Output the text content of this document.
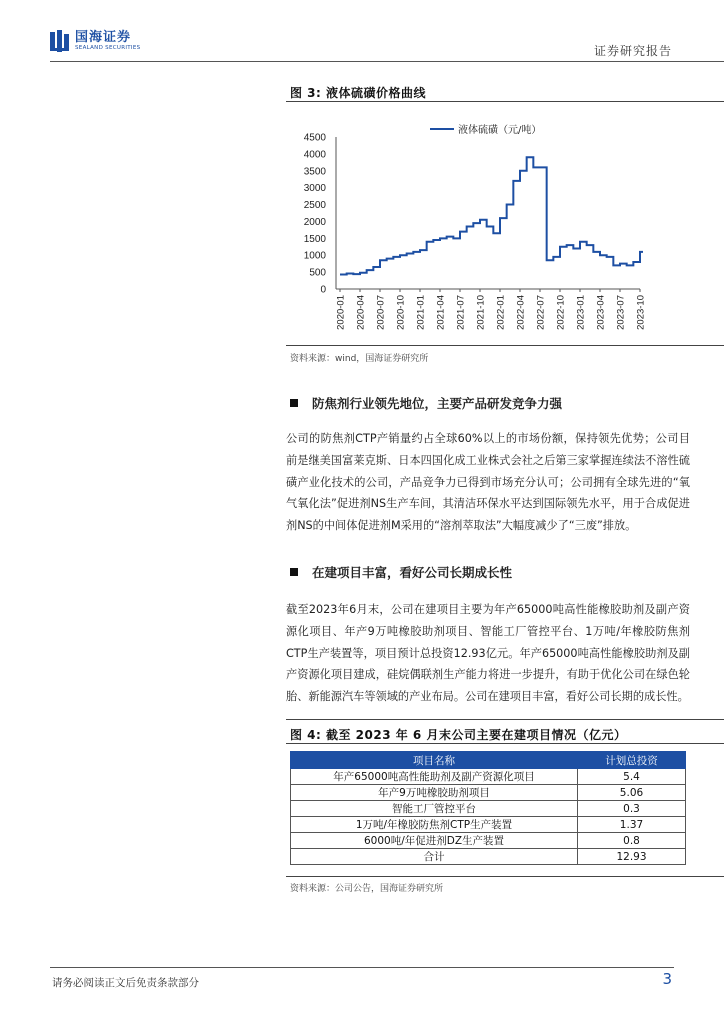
国海证券
SEALAND SECURITIES	证券研究报告
图 3: 液体硫磺价格曲线
0
500
1000
1500
2000
2500
3000
3500
4000
4500
2020-01 2020-04 2020-07 2020-10 2021-01 2021-04 2021-07 2021-10 2022-01 2022-04 2022-07 2022-10 2023-01 2023-04 2023-07 2023-10
液体硫磺（元/吨）
资料来源：wind，国海证券研究所
防焦剂行业领先地位，主要产品研发竞争力强
公司的防焦剂CTP产销量约占全球60%以上的市场份额，保持领先优势；公司目前是继美国富莱克斯、日本四国化成工业株式会社之后第三家掌握连续法不溶性硫磺产业化技术的公司，产品竞争力已得到市场充分认可；公司拥有全球先进的“氧气氧化法”促进剂NS生产车间，其清洁环保水平达到国际领先水平，用于合成促进剂NS的中间体促进剂M采用的“溶剂萃取法”大幅度减少了“三废”排放。
在建项目丰富，看好公司长期成长性
截至2023年6月末，公司在建项目主要为年产65000吨高性能橡胶助剂及副产资源化项目、年产9万吨橡胶助剂项目、智能工厂管控平台、1万吨/年橡胶防焦剂CTP生产装置等，项目预计总投资12.93亿元。年产65000吨高性能橡胶助剂及副产资源化项目建成，硅烷偶联剂生产能力将进一步提升，有助于优化公司在绿色轮胎、新能源汽车等领域的产业布局。公司在建项目丰富，看好公司长期的成长性。
图 4: 截至 2023 年 6 月末公司主要在建项目情况（亿元）
项目名称	计划总投资
年产65000吨高性能助剂及副产资源化项目	5.4
年产9万吨橡胶助剂项目	5.06
智能工厂管控平台	0.3
1万吨/年橡胶防焦剂CTP生产装置	1.37
6000吨/年促进剂DZ生产装置	0.8
合计	12.93
资料来源：公司公告，国海证券研究所
请务必阅读正文后免责条款部分	3
